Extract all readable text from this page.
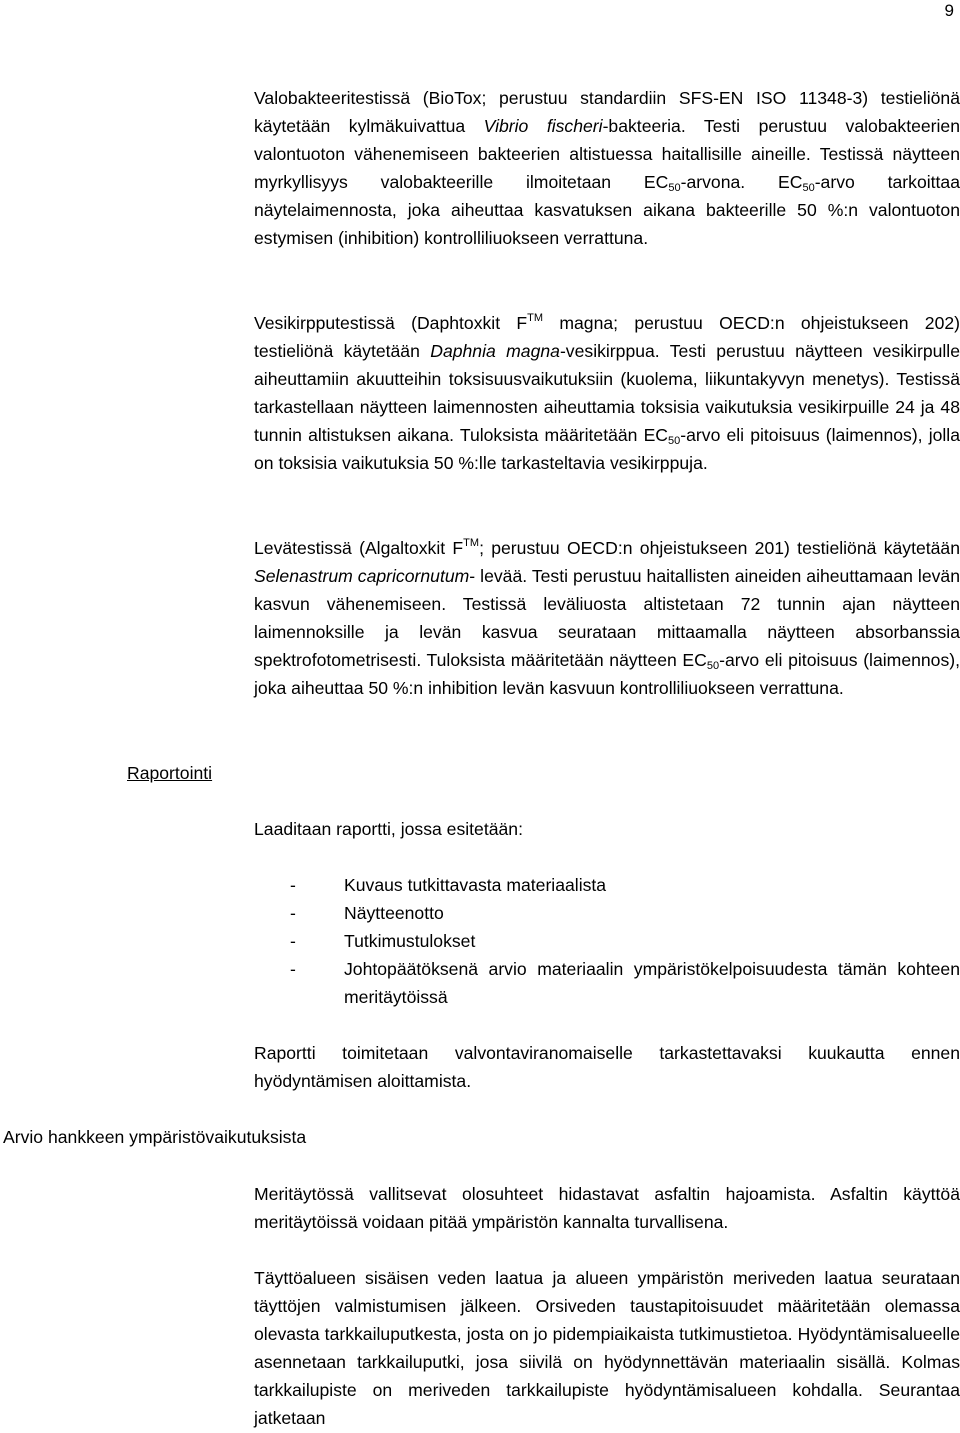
9

Valobakteeritestissä (BioTox; perustuu standardiin SFS-EN ISO 11348-3) testieliönä käytetään kylmäkuivattua Vibrio fischeri-bakteeria. Testi perustuu valobakteerien valontuoton vähenemiseen bakteerien altistuessa haitallisille aineille. Testissä näytteen myrkyllisyys valobakteerille ilmoitetaan $EC_{50}$-arvona. $EC_{50}$-arvo tarkoittaa näytelaimennosta, joka aiheuttaa kasvatuksen aikana bakteerille 50 %:n valontuoton estymisen (inhibition) kontrolliliuokseen verrattuna.

Vesikirpputestissä (Daphtoxkit F™ magna; perustuu OECD:n ohjeistukseen 202) testieliönä käytetään Daphnia magna-vesikirppua. Testi perustuu näytteen vesikirpulle aiheuttamiin akuutteihin toksisuusvaikutuksiin (kuolema, liikuntakyvyn menetys). Testissä tarkastellaan näytteen laimennosten aiheuttamia toksisia vaikutuksia vesikirpuille 24 ja 48 tunnin altistuksen aikana. Tuloksista määritetään $EC_{50}$-arvo eli pitoisuus (laimennos), jolla on toksisia vaikutuksia 50 %:lle tarkasteltavia vesikirppuja.

Levätestissä (Algaltoxkit F™; perustuu OECD:n ohjeistukseen 201) testieliönä käytetään Selenastrum capricornutum- levää. Testi perustuu haitallisten aineiden aiheuttamaan levän kasvun vähenemiseen. Testissä leväliuosta altistetaan 72 tunnin ajan näytteen laimennoksille ja levän kasvua seurataan mittaamalla näytteen absorbanssia spektrofotometrisesti. Tuloksista määritetään näytteen $EC_{50}$-arvo eli pitoisuus (laimennos), joka aiheuttaa 50 %:n inhibition levän kasvuun kontrolliliuokseen verrattuna.

Raportointi

Laaditaan raportti, jossa esitetään:

-	Kuvaus tutkittavasta materiaalista
-	Näytteenotto
-	Tutkimustulokset
-	Johtopäätöksenä arvio materiaalin ympäristökelpoisuudesta tämän kohteen meritäytöissä

Raportti toimitetaan valvontaviranomaiselle tarkastettavaksi kuukautta ennen hyödyntämisen aloittamista.

Arvio hankkeen ympäristövaikutuksista

Meritäytössä vallitsevat olosuhteet hidastavat asfaltin hajoamista. Asfaltin käyttöä meritäytöissä voidaan pitää ympäristön kannalta turvallisena.

Täyttöalueen sisäisen veden laatua ja alueen ympäristön meriveden laatua seurataan täyttöjen valmistumisen jälkeen. Orsiveden taustapitoisuudet määritetään olemassa olevasta tarkkailuputkesta, josta on jo pidempiaikaista tutkimustietoa. Hyödyntämisalueelle asennetaan tarkkailuputki, josa siivilä on hyödynnettävän materiaalin sisällä. Kolmas tarkkailupiste on meriveden tarkkailupiste hyödyntämisalueen kohdalla. Seurantaa jatketaan
